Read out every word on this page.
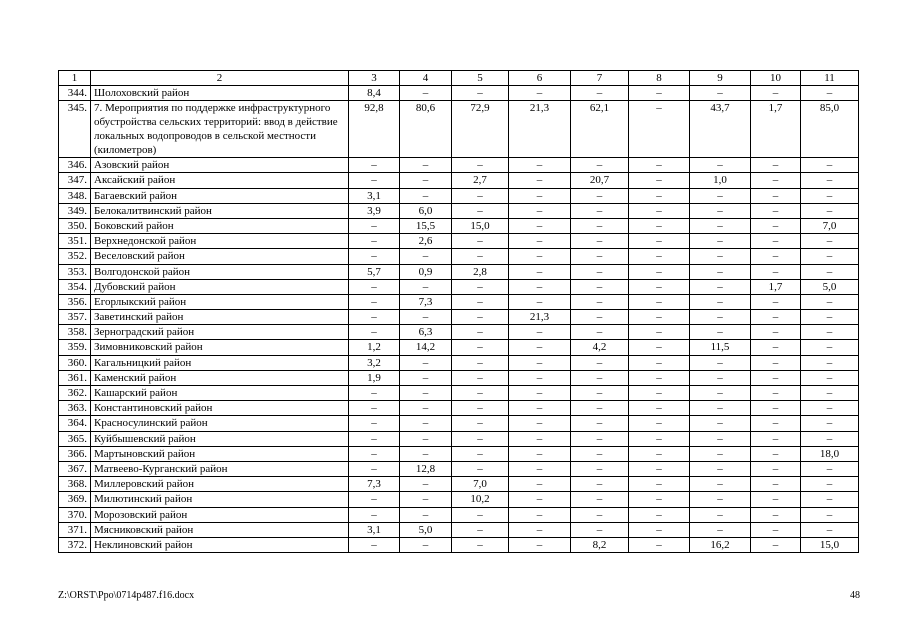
1	2	3	4	5	6	7	8	9	10	11
344.	Шолоховский район	8,4	–	–	–	–	–	–	–	–
345.	7. Мероприятия по поддержке инфраструктурного обустройства сельских территорий: ввод в действие локальных водопроводов в сельской местности (километров)	92,8	80,6	72,9	21,3	62,1	–	43,7	1,7	85,0
346.	Азовский район	–	–	–	–	–	–	–	–	–
347.	Аксайский район	–	–	2,7	–	20,7	–	1,0	–	–
348.	Багаевский район	3,1	–	–	–	–	–	–	–	–
349.	Белокалитвинский район	3,9	6,0	–	–	–	–	–	–	–
350.	Боковский район	–	15,5	15,0	–	–	–	–	–	7,0
351.	Верхнедонской район	–	2,6	–	–	–	–	–	–	–
352.	Веселовский район	–	–	–	–	–	–	–	–	–
353.	Волгодонской район	5,7	0,9	2,8	–	–	–	–	–	–
354.	Дубовский район	–	–	–	–	–	–	–	1,7	5,0
356.	Егорлыкский район	–	7,3	–	–	–	–	–	–	–
357.	Заветинский район	–	–	–	21,3	–	–	–	–	–
358.	Зерноградский район	–	6,3	–	–	–	–	–	–	–
359.	Зимовниковский район	1,2	14,2	–	–	4,2	–	11,5	–	–
360.	Кагальницкий район	3,2	–	–	–	–	–	–	–	–
361.	Каменский район	1,9	–	–	–	–	–	–	–	–
362.	Кашарский район	–	–	–	–	–	–	–	–	–
363.	Константиновский район	–	–	–	–	–	–	–	–	–
364.	Красносулинский район	–	–	–	–	–	–	–	–	–
365.	Куйбышевский район	–	–	–	–	–	–	–	–	–
366.	Мартыновский район	–	–	–	–	–	–	–	–	18,0
367.	Матвеево-Курганский район	–	12,8	–	–	–	–	–	–	–
368.	Миллеровский район	7,3	–	7,0	–	–	–	–	–	–
369.	Милютинский район	–	–	10,2	–	–	–	–	–	–
370.	Морозовский район	–	–	–	–	–	–	–	–	–
371.	Мясниковский район	3,1	5,0	–	–	–	–	–	–	–
372.	Неклиновский район	–	–	–	–	8,2	–	16,2	–	15,0
Z:\ORST\Ppo\0714p487.f16.docx	48
